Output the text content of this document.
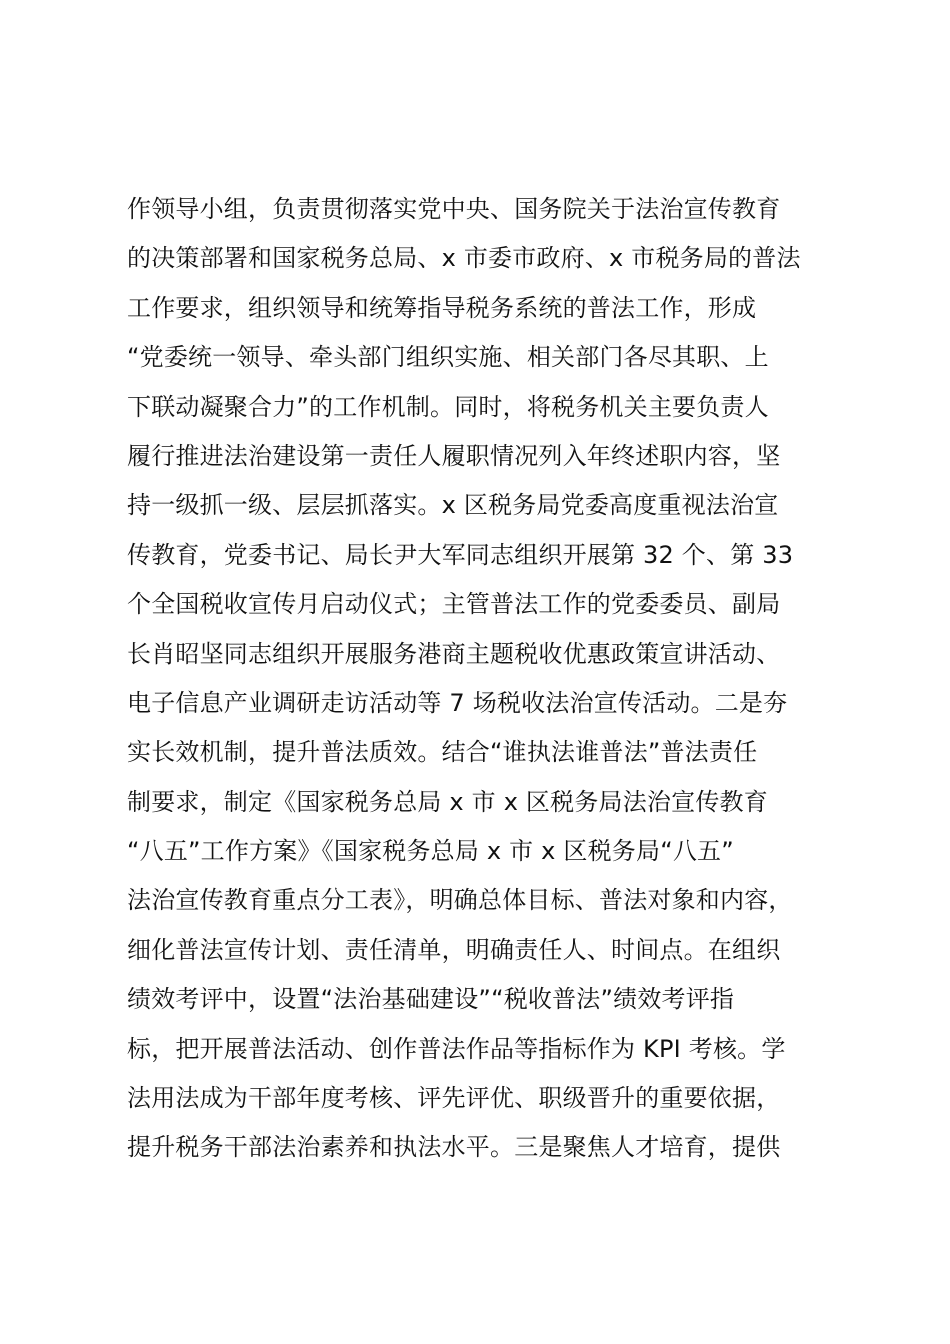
作领导小组，负责贯彻落实党中央、国务院关于法治宣传教育
的决策部署和国家税务总局、x 市委市政府、x 市税务局的普法
工作要求，组织领导和统筹指导税务系统的普法工作，形成
“党委统一领导、牵头部门组织实施、相关部门各尽其职、上
下联动凝聚合力”的工作机制。同时，将税务机关主要负责人
履行推进法治建设第一责任人履职情况列入年终述职内容，坚
持一级抓一级、层层抓落实。x 区税务局党委高度重视法治宣
传教育，党委书记、局长尹大军同志组织开展第 32 个、第 33
个全国税收宣传月启动仪式；主管普法工作的党委委员、副局
长肖昭坚同志组织开展服务港商主题税收优惠政策宣讲活动、
电子信息产业调研走访活动等 7 场税收法治宣传活动。二是夯
实长效机制，提升普法质效。结合“谁执法谁普法”普法责任
制要求，制定《国家税务总局 x 市 x 区税务局法治宣传教育
“八五”工作方案》《国家税务总局 x 市 x 区税务局“八五”
法治宣传教育重点分工表》，明确总体目标、普法对象和内容，
细化普法宣传计划、责任清单，明确责任人、时间点。在组织
绩效考评中，设置“法治基础建设”“税收普法”绩效考评指
标，把开展普法活动、创作普法作品等指标作为 KPI 考核。学
法用法成为干部年度考核、评先评优、职级晋升的重要依据，
提升税务干部法治素养和执法水平。三是聚焦人才培育，提供
